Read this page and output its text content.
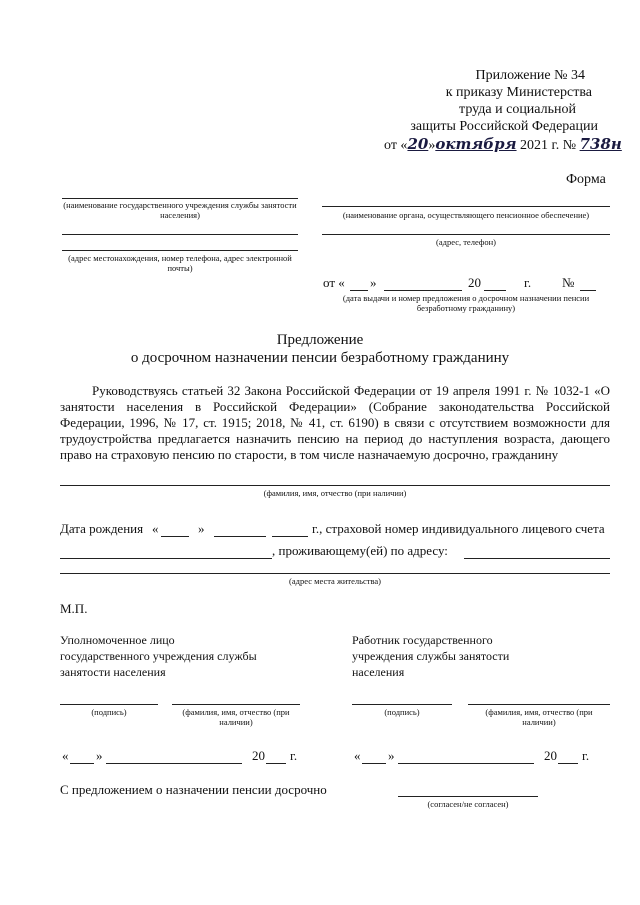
Приложение № 34
к приказу Министерства
труда и социальной
защиты Российской Федерации
от «20»октября 2021 г. № 738н
Форма
(наименование государственного учреждения службы занятости населения)
(адрес местонахождения, номер телефона, адрес электронной почты)
(наименование органа, осуществляющего пенсионное обеспечение)
(адрес, телефон)
от « »	20	г. №
(дата выдачи и номер предложения о досрочном назначении пенсии безработному гражданину)
Предложение
о досрочном назначении пенсии безработному гражданину
Руководствуясь статьей 32 Закона Российской Федерации от 19 апреля 1991 г. № 1032-1 «О занятости населения в Российской Федерации» (Собрание законодательства Российской Федерации, 1996, № 17, ст. 1915; 2018, № 41, ст. 6190) в связи с отсутствием возможности для трудоустройства предлагается назначить пенсию на период до наступления возраста, дающего право на страховую пенсию по старости, в том числе назначаемую досрочно, гражданину
(фамилия, имя, отчество (при наличии)
Дата рождения «	»	г., страховой номер индивидуального лицевого счета
, проживающему(ей) по адресу:
(адрес места жительства)
М.П.
Уполномоченное лицо
государственного учреждения службы
занятости населения
(подпись)	(фамилия, имя, отчество (при наличии)
« »	20 г.
Работник государственного
учреждения службы занятости
населения
(подпись)	(фамилия, имя, отчество (при наличии)
« »	20 г.
С предложением о назначении пенсии досрочно
(согласен/не согласен)
